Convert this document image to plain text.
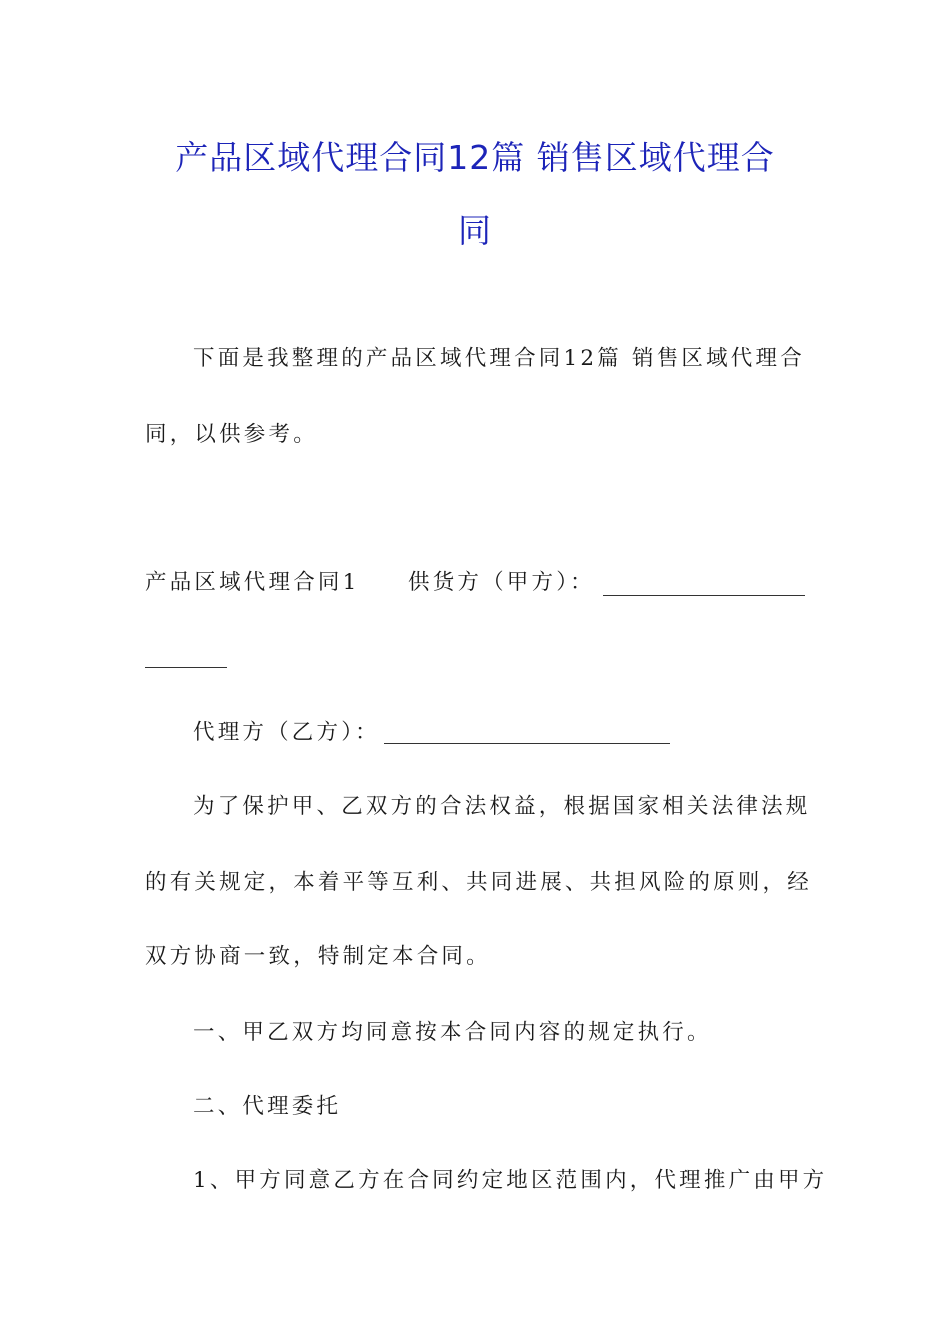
产品区域代理合同12篇 销售区域代理合
同
下面是我整理的产品区域代理合同12篇 销售区域代理合
同，以供参考。
产品区域代理合同1 供货方（甲方）：
代理方（乙方）：
为了保护甲、乙双方的合法权益，根据国家相关法律法规
的有关规定，本着平等互利、共同进展、共担风险的原则，经
双方协商一致，特制定本合同。
一、甲乙双方均同意按本合同内容的规定执行。
二、代理委托
1、甲方同意乙方在合同约定地区范围内，代理推广由甲方
